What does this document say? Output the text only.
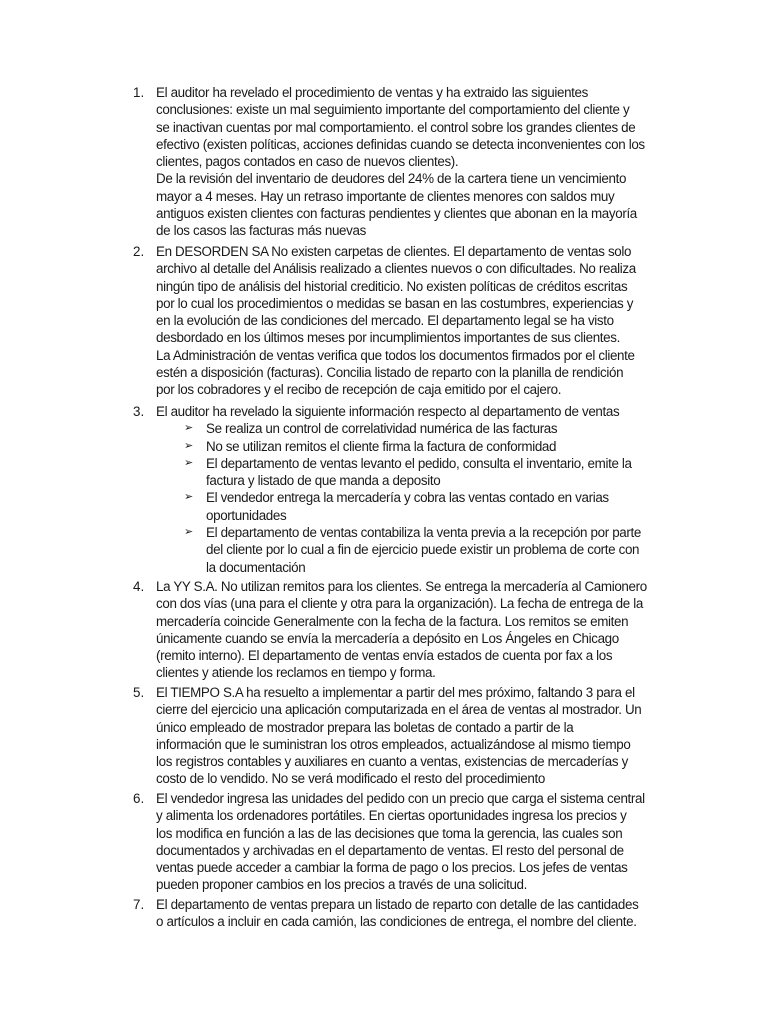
1. El auditor ha revelado el procedimiento de ventas y ha extraido las siguientes
conclusiones: existe un mal seguimiento importante del comportamiento del cliente y
se inactivan cuentas por mal comportamiento. el control sobre los grandes clientes de
efectivo (existen políticas, acciones definidas cuando se detecta inconvenientes con los
clientes, pagos contados en caso de nuevos clientes).
De la revisión del inventario de deudores del 24% de la cartera tiene un vencimiento
mayor a 4 meses. Hay un retraso importante de clientes menores con saldos muy
antiguos existen clientes con facturas pendientes y clientes que abonan en la mayoría
de los casos las facturas más nuevas
2. En DESORDEN SA No existen carpetas de clientes. El departamento de ventas solo
archivo al detalle del Análisis realizado a clientes nuevos o con dificultades. No realiza
ningún tipo de análisis del historial crediticio. No existen políticas de créditos escritas
por lo cual los procedimientos o medidas se basan en las costumbres, experiencias y
en la evolución de las condiciones del mercado. El departamento legal se ha visto
desbordado en los últimos meses por incumplimientos importantes de sus clientes.
La Administración de ventas verifica que todos los documentos firmados por el cliente
estén a disposición (facturas). Concilia listado de reparto con la planilla de rendición
por los cobradores y el recibo de recepción de caja emitido por el cajero.
3. El auditor ha revelado la siguiente información respecto al departamento de ventas
➢ Se realiza un control de correlatividad numérica de las facturas
➢ No se utilizan remitos el cliente firma la factura de conformidad
➢ El departamento de ventas levanto el pedido, consulta el inventario, emite la
factura y listado de que manda a deposito
➢ El vendedor entrega la mercadería y cobra las ventas contado en varias
oportunidades
➢ El departamento de ventas contabiliza la venta previa a la recepción por parte
del cliente por lo cual a fin de ejercicio puede existir un problema de corte con
la documentación
4. La YY S.A. No utilizan remitos para los clientes. Se entrega la mercadería al Camionero
con dos vías (una para el cliente y otra para la organización). La fecha de entrega de la
mercadería coincide Generalmente con la fecha de la factura. Los remitos se emiten
únicamente cuando se envía la mercadería a depósito en Los Ángeles en Chicago
(remito interno). El departamento de ventas envía estados de cuenta por fax a los
clientes y atiende los reclamos en tiempo y forma.
5. El TIEMPO S.A ha resuelto a implementar a partir del mes próximo, faltando 3 para el
cierre del ejercicio una aplicación computarizada en el área de ventas al mostrador. Un
único empleado de mostrador prepara las boletas de contado a partir de la
información que le suministran los otros empleados, actualizándose al mismo tiempo
los registros contables y auxiliares en cuanto a ventas, existencias de mercaderías y
costo de lo vendido. No se verá modificado el resto del procedimiento
6. El vendedor ingresa las unidades del pedido con un precio que carga el sistema central
y alimenta los ordenadores portátiles. En ciertas oportunidades ingresa los precios y
los modifica en función a las de las decisiones que toma la gerencia, las cuales son
documentados y archivadas en el departamento de ventas. El resto del personal de
ventas puede acceder a cambiar la forma de pago o los precios. Los jefes de ventas
pueden proponer cambios en los precios a través de una solicitud.
7. El departamento de ventas prepara un listado de reparto con detalle de las cantidades
o artículos a incluir en cada camión, las condiciones de entrega, el nombre del cliente.
